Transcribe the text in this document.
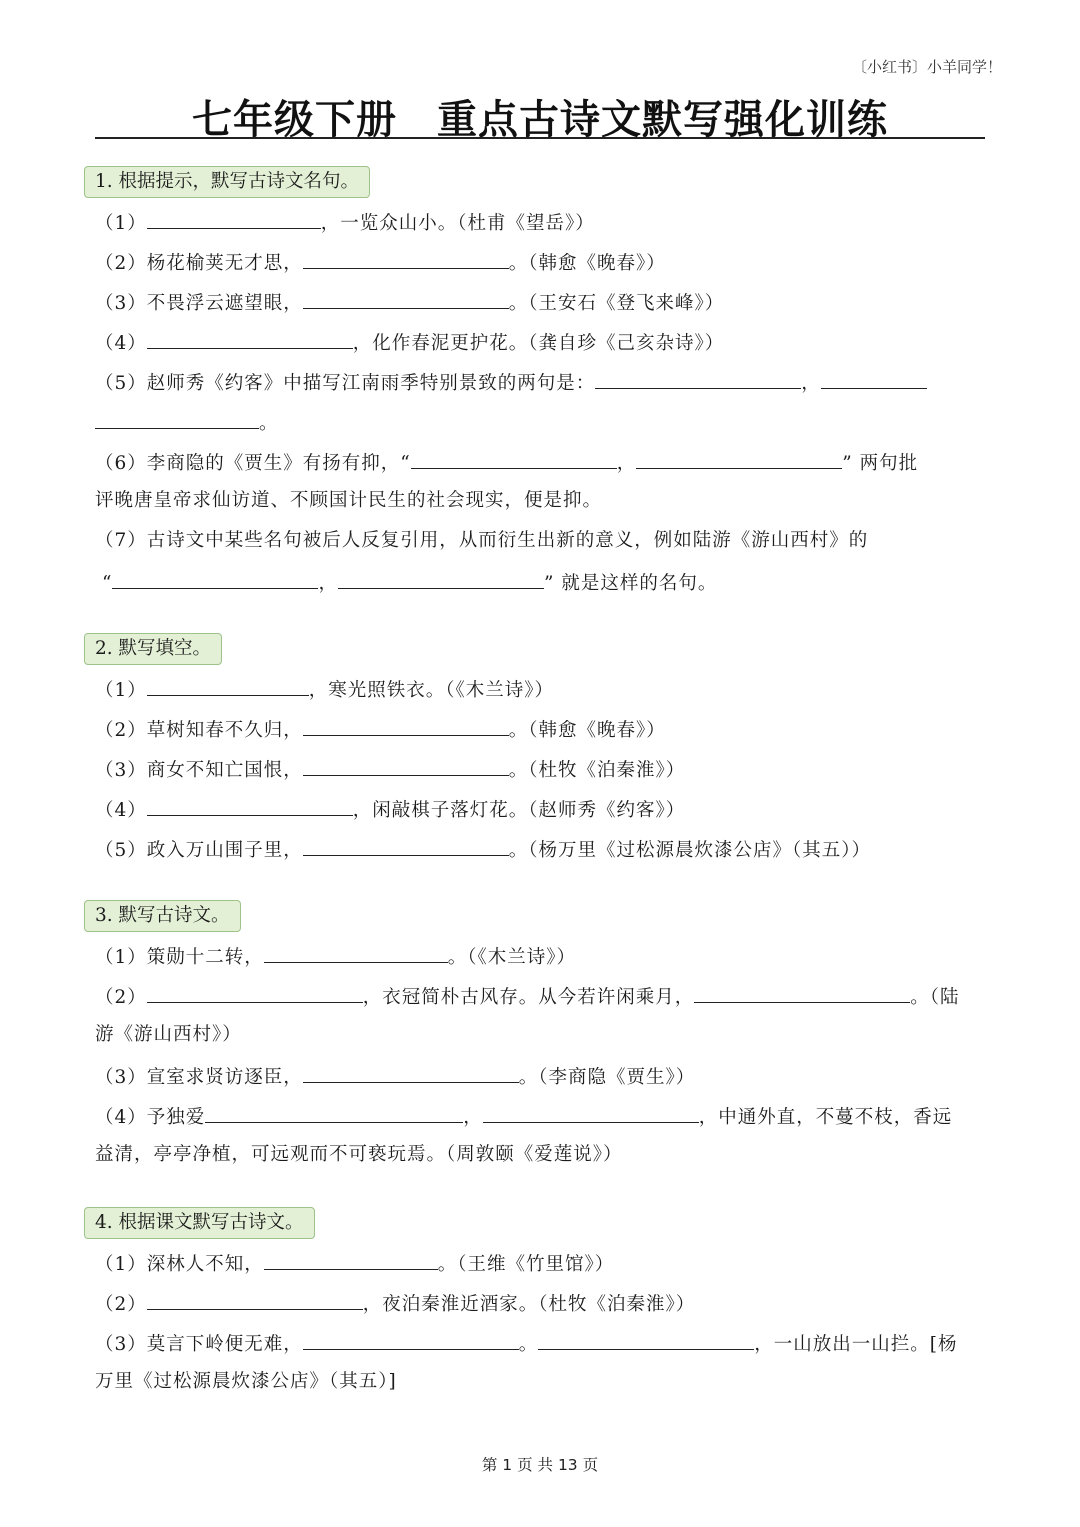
〔小红书〕小羊同学！
七年级下册 重点古诗文默写强化训练
1. 根据提示，默写古诗文名句。
（1）	，一览众山小。（杜甫《望岳》）
（2）杨花榆荚无才思，	。（韩愈《晚春》）
（3）不畏浮云遮望眼，	。（王安石《登飞来峰》）
（4）	，化作春泥更护花。（龚自珍《己亥杂诗》）
（5）赵师秀《约客》中描写江南雨季特别景致的两句是：	，
。
（6）李商隐的《贾生》有扬有抑，“	，	” 两句批
评晚唐皇帝求仙访道、不顾国计民生的社会现实，便是抑。
（7）古诗文中某些名句被后人反复引用，从而衍生出新的意义，例如陆游《游山西村》的
“	，	” 就是这样的名句。
2. 默写填空。
（1）	，寒光照铁衣。（《木兰诗》）
（2）草树知春不久归，	。（韩愈《晚春》）
（3）商女不知亡国恨，	。（杜牧《泊秦淮》）
（4）	，闲敲棋子落灯花。（赵师秀《约客》）
（5）政入万山围子里，	。（杨万里《过松源晨炊漆公店》（其五））
3. 默写古诗文。
（1）策勋十二转，	。（《木兰诗》）
（2）	，衣冠简朴古风存。从今若许闲乘月，	。（陆
游《游山西村》）
（3）宣室求贤访逐臣，	。（李商隐《贾生》）
（4）予独爱	，	，中通外直，不蔓不枝，香远
益清，亭亭净植，可远观而不可亵玩焉。（周敦颐《爱莲说》）
4. 根据课文默写古诗文。
（1）深林人不知，	。（王维《竹里馆》）
（2）	，夜泊秦淮近酒家。（杜牧《泊秦淮》）
（3）莫言下岭便无难，	。	，一山放出一山拦。[杨
万里《过松源晨炊漆公店》（其五）]
第 1 页 共 13 页
